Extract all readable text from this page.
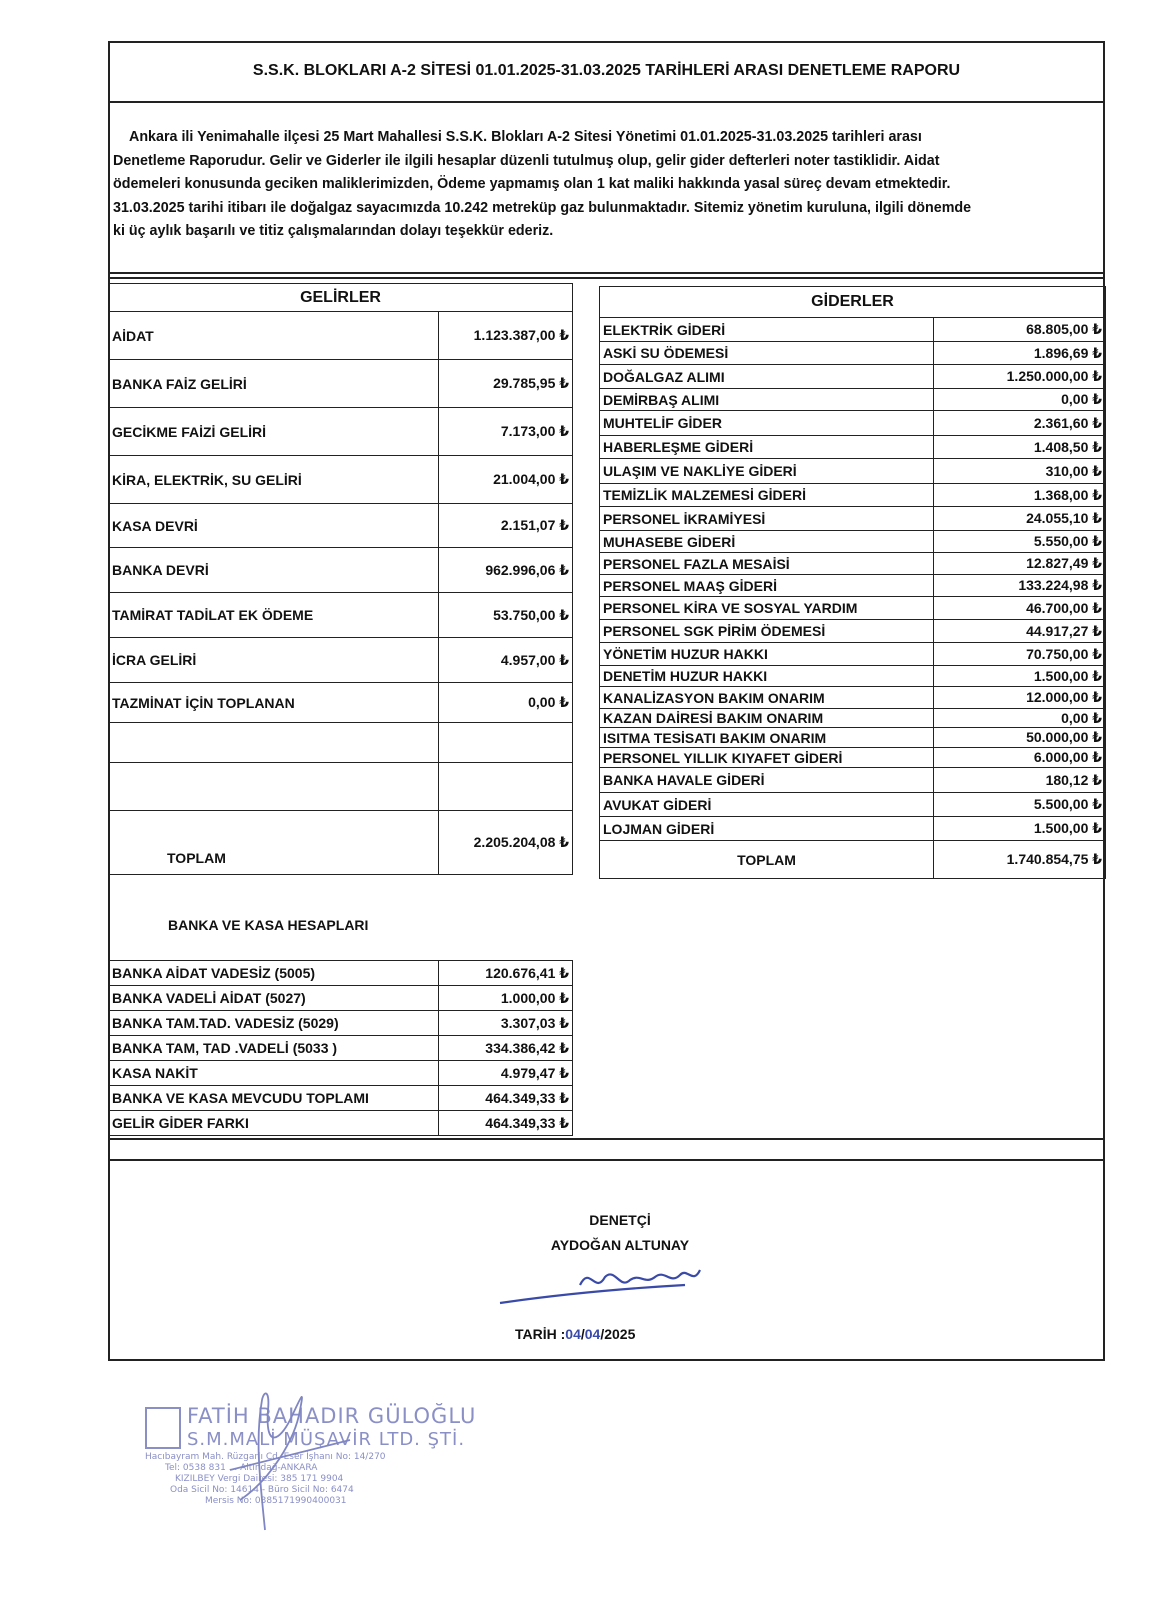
S.S.K. BLOKLARI A-2 SİTESİ 01.01.2025-31.03.2025 TARİHLERİ ARASI DENETLEME RAPORU
Ankara ili Yenimahalle ilçesi 25 Mart Mahallesi S.S.K. Blokları A-2 Sitesi Yönetimi 01.01.2025-31.03.2025 tarihleri arası
Denetleme Raporudur. Gelir ve Giderler ile ilgili hesaplar düzenli tutulmuş olup, gelir gider defterleri noter tastiklidir. Aidat
ödemeleri konusunda geciken maliklerimizden, Ödeme yapmamış olan 1 kat maliki hakkında yasal süreç devam etmektedir.
31.03.2025 tarihi itibarı ile doğalgaz sayacımızda 10.242 metreküp gaz bulunmaktadır. Sitemiz yönetim kuruluna, ilgili dönemde
ki üç aylık başarılı ve titiz çalışmalarından dolayı teşekkür ederiz.
GELİRLER	
AİDAT	1.123.387,00 ₺
BANKA FAİZ GELİRİ	29.785,95 ₺
GECİKME FAİZİ GELİRİ	7.173,00 ₺
KİRA, ELEKTRİK, SU GELİRİ	21.004,00 ₺
KASA DEVRİ	2.151,07 ₺
BANKA DEVRİ	962.996,06 ₺
TAMİRAT TADİLAT EK ÖDEME	53.750,00 ₺
İCRA GELİRİ	4.957,00 ₺
TAZMİNAT İÇİN TOPLANAN	0,00 ₺

TOPLAM	2.205.204,08 ₺
GİDERLER	
ELEKTRİK GİDERİ	68.805,00 ₺
ASKİ SU ÖDEMESİ	1.896,69 ₺
DOĞALGAZ ALIMI	1.250.000,00 ₺
DEMİRBAŞ ALIMI	0,00 ₺
MUHTELİF GİDER	2.361,60 ₺
HABERLEŞME GİDERİ	1.408,50 ₺
ULAŞIM VE NAKLİYE GİDERİ	310,00 ₺
TEMİZLİK MALZEMESİ GİDERİ	1.368,00 ₺
PERSONEL İKRAMİYESİ	24.055,10 ₺
MUHASEBE GİDERİ	5.550,00 ₺
PERSONEL FAZLA MESAİSİ	12.827,49 ₺
PERSONEL MAAŞ GİDERİ	133.224,98 ₺
PERSONEL KİRA VE SOSYAL YARDIM	46.700,00 ₺
PERSONEL SGK PİRİM ÖDEMESİ	44.917,27 ₺
YÖNETİM HUZUR HAKKI	70.750,00 ₺
DENETİM HUZUR HAKKI	1.500,00 ₺
KANALİZASYON BAKIM ONARIM	12.000,00 ₺
KAZAN DAİRESİ BAKIM ONARIM	0,00 ₺
ISITMA TESİSATI BAKIM ONARIM	50.000,00 ₺
PERSONEL YILLIK KIYAFET GİDERİ	6.000,00 ₺
BANKA HAVALE GİDERİ	180,12 ₺
AVUKAT GİDERİ	5.500,00 ₺
LOJMAN GİDERİ	1.500,00 ₺
TOPLAM	1.740.854,75 ₺
BANKA VE KASA HESAPLARI
BANKA AİDAT VADESİZ (5005)	120.676,41 ₺
BANKA VADELİ AİDAT (5027)	1.000,00 ₺
BANKA TAM.TAD. VADESİZ (5029)	3.307,03 ₺
BANKA TAM, TAD .VADELİ (5033 )	334.386,42 ₺
KASA NAKİT	4.979,47 ₺
BANKA VE KASA MEVCUDU TOPLAMI	464.349,33 ₺
GELİR GİDER FARKI	464.349,33 ₺
DENETÇİ
AYDOĞAN ALTUNAY
TARİH :04/04/2025
FATİH BAHADIR GÜLOĞLU
S.M.MALİ MÜŞAVİR LTD. ŞTİ.
Hacıbayram Mah. Rüzgarlı Cd. Eser İşhanı No: 14/270
Tel: 0538 831 ... Altındağ-ANKARA
KIZILBEY Vergi Dairesi: 385 171 9904
Oda Sicil No: 14614 - Büro Sicil No: 6474
Mersis No: 0385171990400031
